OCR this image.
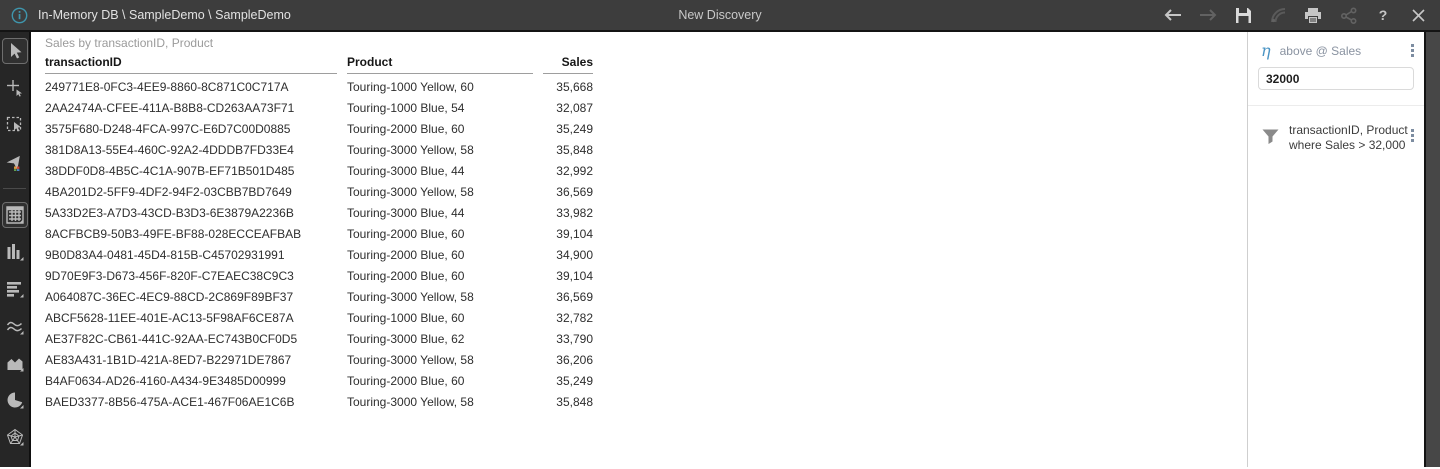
In-Memory DB \ SampleDemo \ SampleDemo	New Discovery	?
Sales by transactionID, Product
transactionID	Product	Sales
249771E8-0FC3-4EE9-8860-8C871C0C717A	Touring-1000 Yellow, 60	35,668
2AA2474A-CFEE-411A-B8B8-CD263AA73F71	Touring-1000 Blue, 54	32,087
3575F680-D248-4FCA-997C-E6D7C00D0885	Touring-2000 Blue, 60	35,249
381D8A13-55E4-460C-92A2-4DDDB7FD33E4	Touring-3000 Yellow, 58	35,848
38DDF0D8-4B5C-4C1A-907B-EF71B501D485	Touring-3000 Blue, 44	32,992
4BA201D2-5FF9-4DF2-94F2-03CBB7BD7649	Touring-3000 Yellow, 58	36,569
5A33D2E3-A7D3-43CD-B3D3-6E3879A2236B	Touring-3000 Blue, 44	33,982
8ACFBCB9-50B3-49FE-BF88-028ECCEAFBAB	Touring-2000 Blue, 60	39,104
9B0D83A4-0481-45D4-815B-C45702931991	Touring-2000 Blue, 60	34,900
9D70E9F3-D673-456F-820F-C7EAEC38C9C3	Touring-2000 Blue, 60	39,104
A064087C-36EC-4EC9-88CD-2C869F89BF37	Touring-3000 Yellow, 58	36,569
ABCF5628-11EE-401E-AC13-5F98AF6CE87A	Touring-1000 Blue, 60	32,782
AE37F82C-CB61-441C-92AA-EC743B0CF0D5	Touring-3000 Blue, 62	33,790
AE83A431-1B1D-421A-8ED7-B22971DE7867	Touring-3000 Yellow, 58	36,206
B4AF0634-AD26-4160-A434-9E3485D00999	Touring-2000 Blue, 60	35,249
BAED3377-8B56-475A-ACE1-467F06AE1C6B	Touring-3000 Yellow, 58	35,848
η above @ Sales
32000
transactionID, Product where Sales > 32,000
